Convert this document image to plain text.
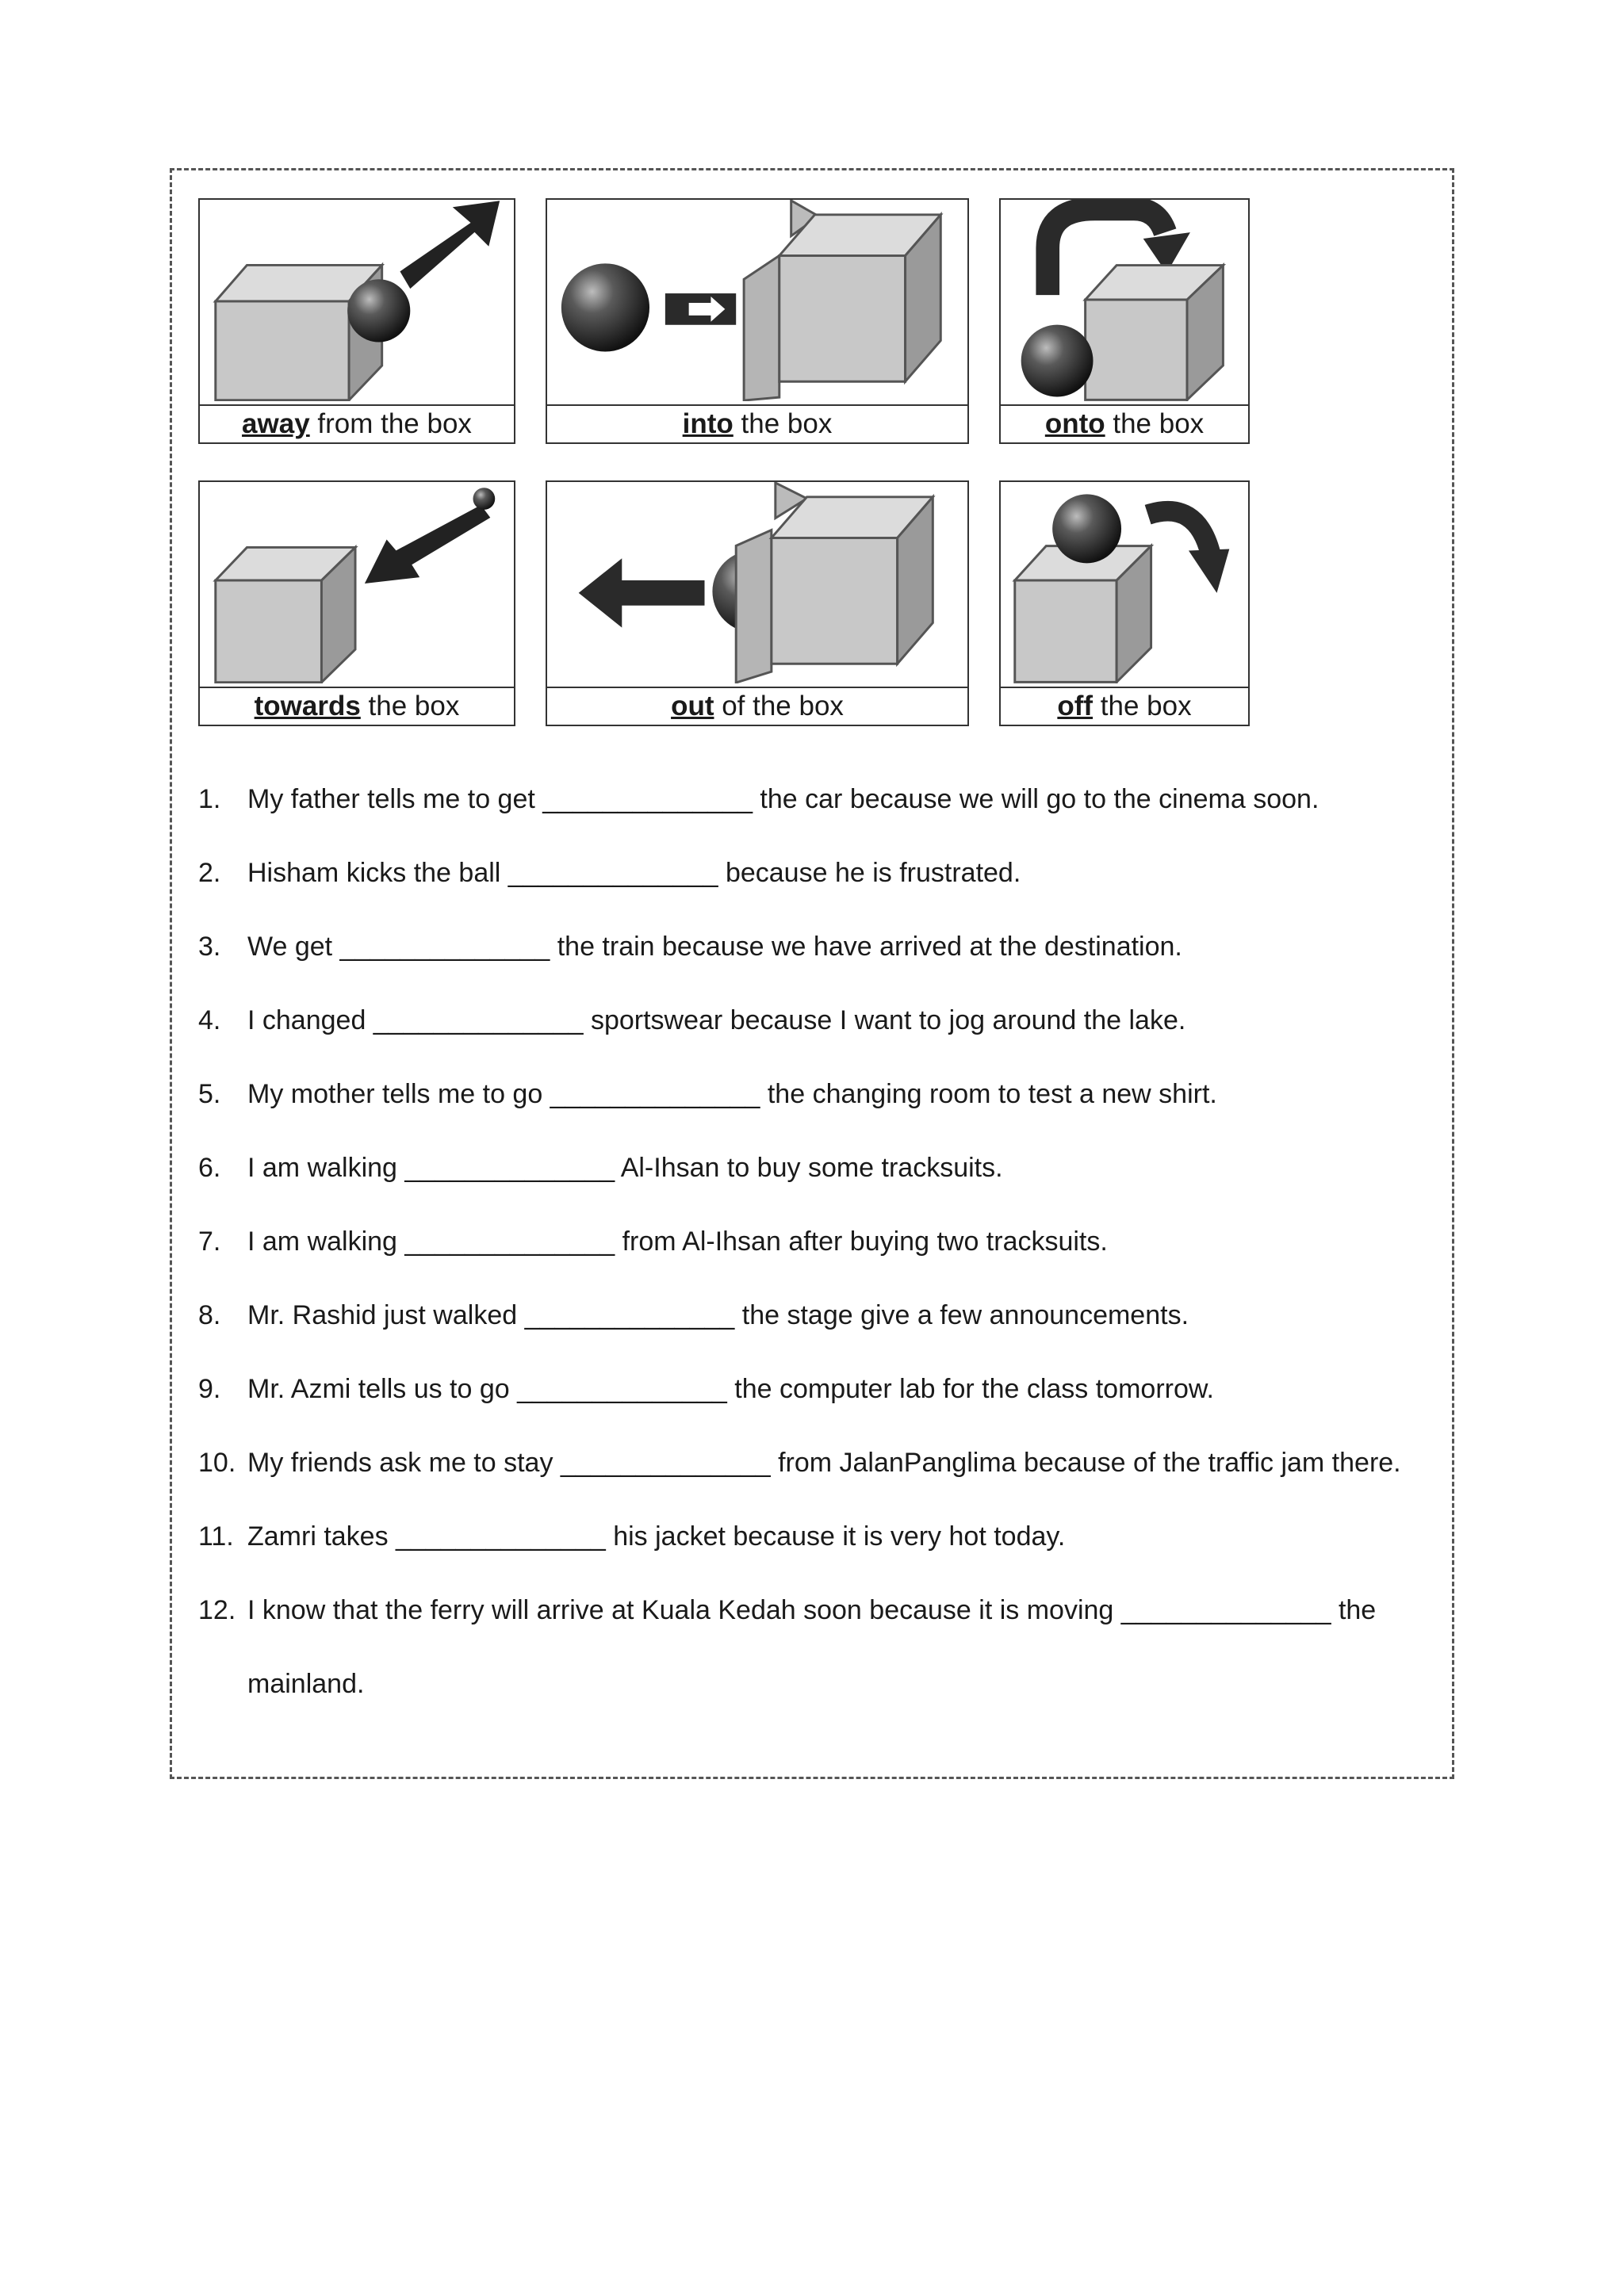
away from the box	into the box	onto the box
towards the box	out of the box	off the box
1. My father tells me to get ______________ the car because we will go to the cinema soon.
2. Hisham kicks the ball ______________ because he is frustrated.
3. We get ______________ the train because we have arrived at the destination.
4. I changed ______________ sportswear because I want to jog around the lake.
5. My mother tells me to go ______________ the changing room to test a new shirt.
6. I am walking ______________ Al-Ihsan to buy some tracksuits.
7. I am walking ______________ from Al-Ihsan after buying two tracksuits.
8. Mr. Rashid just walked ______________ the stage give a few announcements.
9. Mr. Azmi tells us to go ______________ the computer lab for the class tomorrow.
10. My friends ask me to stay ______________ from JalanPanglima because of the traffic jam there.
11. Zamri takes ______________ his jacket because it is very hot today.
12. I know that the ferry will arrive at Kuala Kedah soon because it is moving ______________ the
mainland.
